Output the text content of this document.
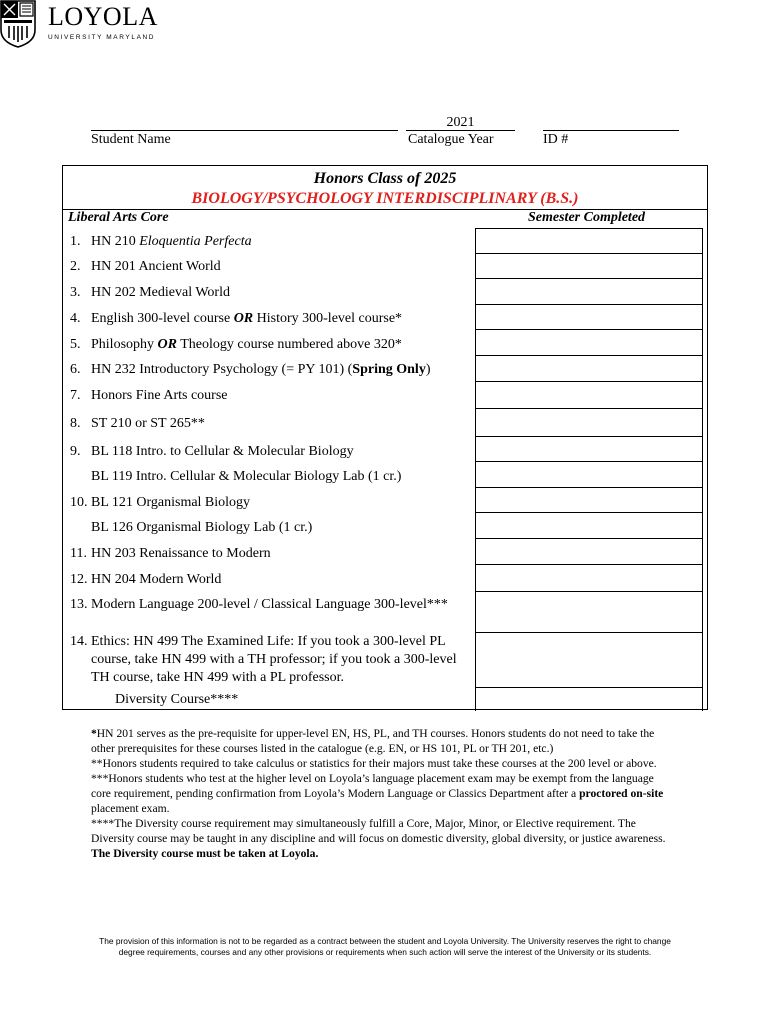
LOYOLA
UNIVERSITY MARYLAND
Student Name
2021
Catalogue Year	ID #
Honors Class of 2025
BIOLOGY/PSYCHOLOGY INTERDISCIPLINARY (B.S.)
Liberal Arts Core	Semester Completed
1. HN 210 Eloquentia Perfecta
2. HN 201 Ancient World
3. HN 202 Medieval World
4. English 300-level course OR History 300-level course*
5. Philosophy OR Theology course numbered above 320*
6. HN 232 Introductory Psychology (= PY 101) (Spring Only)
7. Honors Fine Arts course
8. ST 210 or ST 265**
9. BL 118 Intro. to Cellular & Molecular Biology
BL 119 Intro. Cellular & Molecular Biology Lab (1 cr.)
10. BL 121 Organismal Biology
BL 126 Organismal Biology Lab (1 cr.)
11. HN 203 Renaissance to Modern
12. HN 204 Modern World
13. Modern Language 200-level / Classical Language 300-level***
14. Ethics: HN 499 The Examined Life: If you took a 300-level PL course, take HN 499 with a TH professor; if you took a 300-level TH course, take HN 499 with a PL professor.
Diversity Course****

*HN 201 serves as the pre-requisite for upper-level EN, HS, PL, and TH courses. Honors students do not need to take the other prerequisites for these courses listed in the catalogue (e.g. EN, or HS 101, PL or TH 201, etc.)

**Honors students required to take calculus or statistics for their majors must take these courses at the 200 level or above.

***Honors students who test at the higher level on Loyola’s language placement exam may be exempt from the language core requirement, pending confirmation from Loyola’s Modern Language or Classics Department after a proctored on-site placement exam.

****The Diversity course requirement may simultaneously fulfill a Core, Major, Minor, or Elective requirement. The Diversity course may be taught in any discipline and will focus on domestic diversity, global diversity, or justice awareness. The Diversity course must be taken at Loyola.

The provision of this information is not to be regarded as a contract between the student and Loyola University. The University reserves the right to change degree requirements, courses and any other provisions or requirements when such action will serve the interest of the University or its students.
